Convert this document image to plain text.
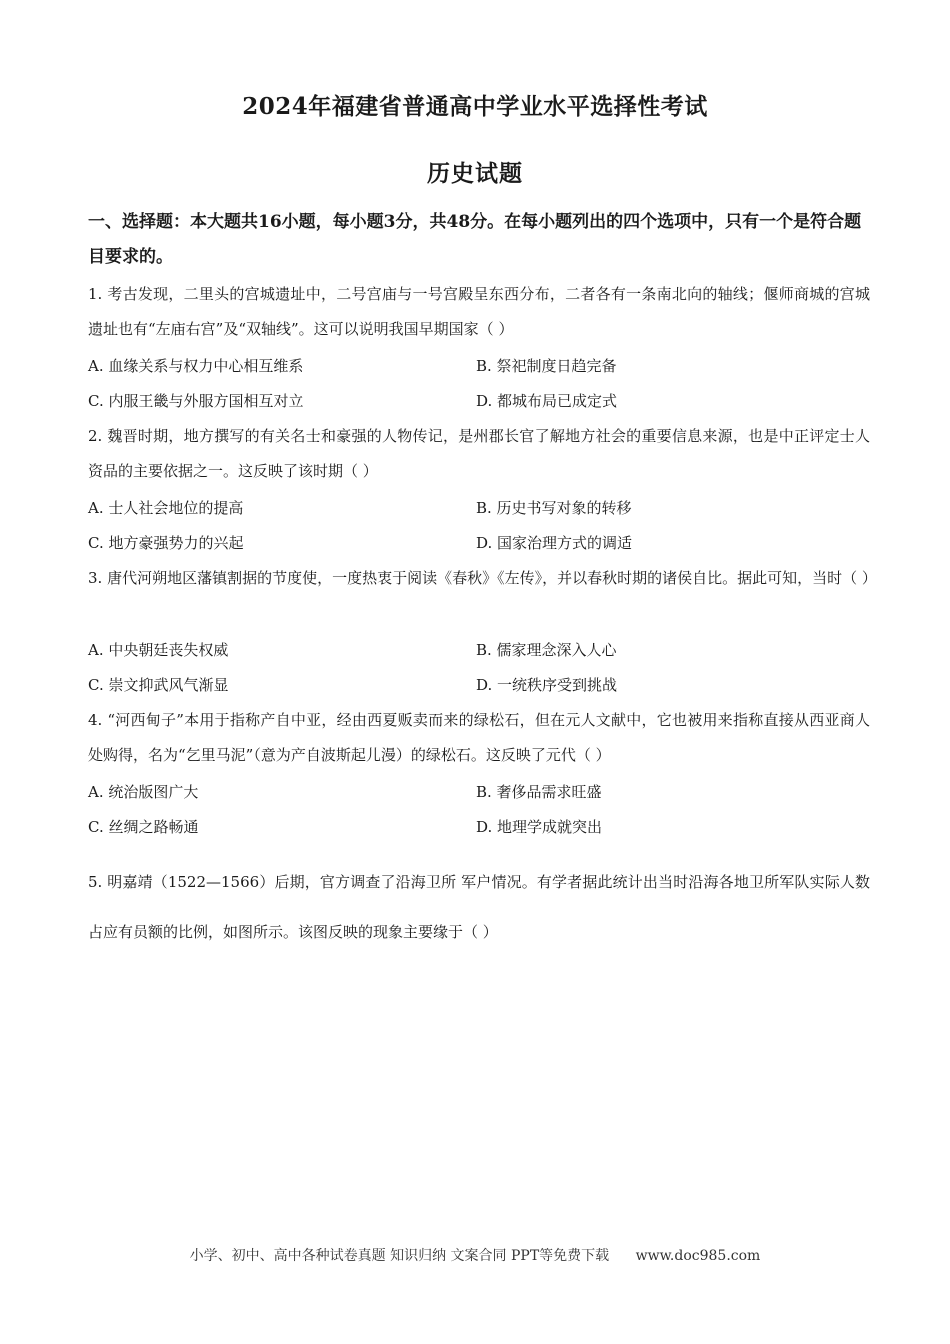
2024年福建省普通高中学业水平选择性考试
历史试题

一、选择题：本大题共16小题，每小题3分，共48分。在每小题列出的四个选项中，只有一个是符合题目要求的。

1. 考古发现，二里头的宫城遗址中，二号宫庙与一号宫殿呈东西分布，二者各有一条南北向的轴线；偃师商城的宫城遗址也有“左庙右宫”及“双轴线”。这可以说明我国早期国家（ ）

A. 血缘关系与权力中心相互维系	B. 祭祀制度日趋完备

C. 内服王畿与外服方国相互对立	D. 都城布局已成定式

2. 魏晋时期，地方撰写的有关名士和豪强的人物传记，是州郡长官了解地方社会的重要信息来源，也是中正评定士人资品的主要依据之一。这反映了该时期（ ）

A. 士人社会地位的提高	B. 历史书写对象的转移

C. 地方豪强势力的兴起	D. 国家治理方式的调适

3. 唐代河朔地区藩镇割据的节度使，一度热衷于阅读《春秋》《左传》，并以春秋时期的诸侯自比。据此可知，当时（ ）

A. 中央朝廷丧失权威	B. 儒家理念深入人心

C. 崇文抑武风气渐显	D. 一统秩序受到挑战

4. “河西甸子”本用于指称产自中亚，经由西夏贩卖而来的绿松石，但在元人文献中，它也被用来指称直接从西亚商人处购得，名为“乞里马泥”（意为产自波斯起儿漫）的绿松石。这反映了元代（ ）

A. 统治版图广大	B. 奢侈品需求旺盛

C. 丝绸之路畅通	D. 地理学成就突出

5. 明嘉靖（1522—1566）后期，官方调查了沿海卫所 军户情况。有学者据此统计出当时沿海各地卫所军队实际人数占应有员额的比例，如图所示。该图反映的现象主要缘于（ ）

小学、初中、高中各种试卷真题 知识归纳 文案合同 PPT等免费下载 www.doc985.com
